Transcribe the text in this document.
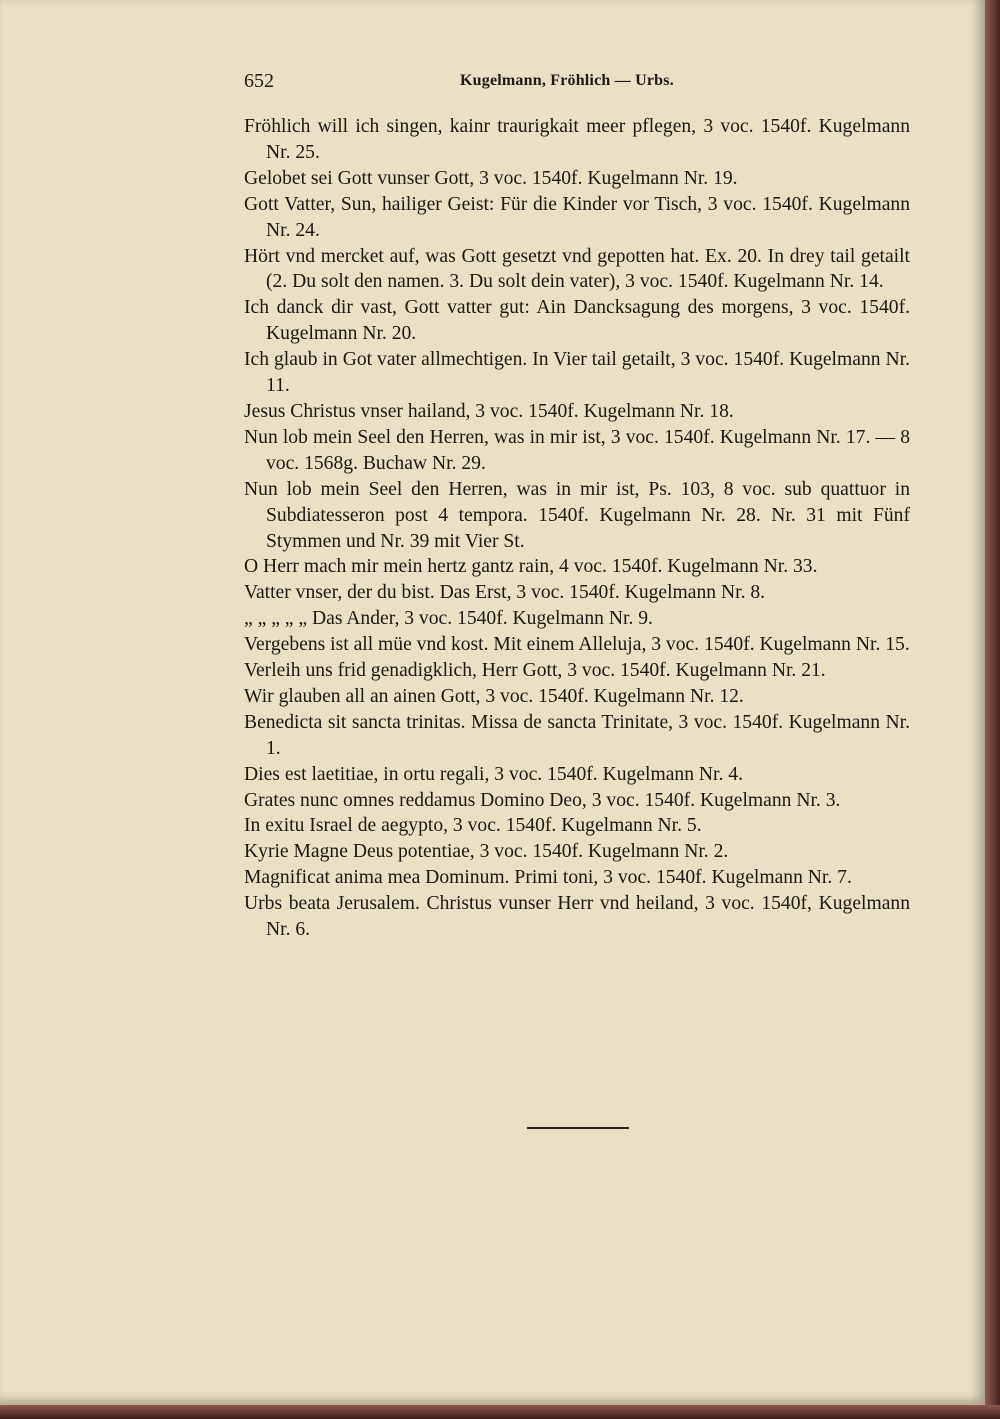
652	Kugelmann, Fröhlich — Urbs.
Fröhlich will ich singen, kainr traurigkait meer pflegen, 3 voc. 1540f. Kugelmann Nr. 25.
Gelobet sei Gott vunser Gott, 3 voc. 1540f. Kugelmann Nr. 19.
Gott Vatter, Sun, hailiger Geist: Für die Kinder vor Tisch, 3 voc. 1540f. Kugelmann Nr. 24.
Hört vnd mercket auf, was Gott gesetzt vnd gepotten hat. Ex. 20. In drey tail getailt (2. Du solt den namen. 3. Du solt dein vater), 3 voc. 1540f. Kugelmann Nr. 14.
Ich danck dir vast, Gott vatter gut: Ain Dancksagung des morgens, 3 voc. 1540f. Kugelmann Nr. 20.
Ich glaub in Got vater allmechtigen. In Vier tail getailt, 3 voc. 1540f. Kugelmann Nr. 11.
Jesus Christus vnser hailand, 3 voc. 1540f. Kugelmann Nr. 18.
Nun lob mein Seel den Herren, was in mir ist, 3 voc. 1540f. Kugelmann Nr. 17. — 8 voc. 1568g. Buchaw Nr. 29.
Nun lob mein Seel den Herren, was in mir ist, Ps. 103, 8 voc. sub quattuor in Subdiatesseron post 4 tempora. 1540f. Kugelmann Nr. 28. Nr. 31 mit Fünf Stymmen und Nr. 39 mit Vier St.
O Herr mach mir mein hertz gantz rain, 4 voc. 1540f. Kugelmann Nr. 33.
Vatter vnser, der du bist. Das Erst, 3 voc. 1540f. Kugelmann Nr. 8.
„ „ „ „ „ Das Ander, 3 voc. 1540f. Kugelmann Nr. 9.
Vergebens ist all müe vnd kost. Mit einem Alleluja, 3 voc. 1540f. Kugelmann Nr. 15.
Verleih uns frid genadigklich, Herr Gott, 3 voc. 1540f. Kugelmann Nr. 21.
Wir glauben all an ainen Gott, 3 voc. 1540f. Kugelmann Nr. 12.
Benedicta sit sancta trinitas. Missa de sancta Trinitate, 3 voc. 1540f. Kugelmann Nr. 1.
Dies est laetitiae, in ortu regali, 3 voc. 1540f. Kugelmann Nr. 4.
Grates nunc omnes reddamus Domino Deo, 3 voc. 1540f. Kugelmann Nr. 3.
In exitu Israel de aegypto, 3 voc. 1540f. Kugelmann Nr. 5.
Kyrie Magne Deus potentiae, 3 voc. 1540f. Kugelmann Nr. 2.
Magnificat anima mea Dominum. Primi toni, 3 voc. 1540f. Kugelmann Nr. 7.
Urbs beata Jerusalem. Christus vunser Herr vnd heiland, 3 voc. 1540f, Kugelmann Nr. 6.
